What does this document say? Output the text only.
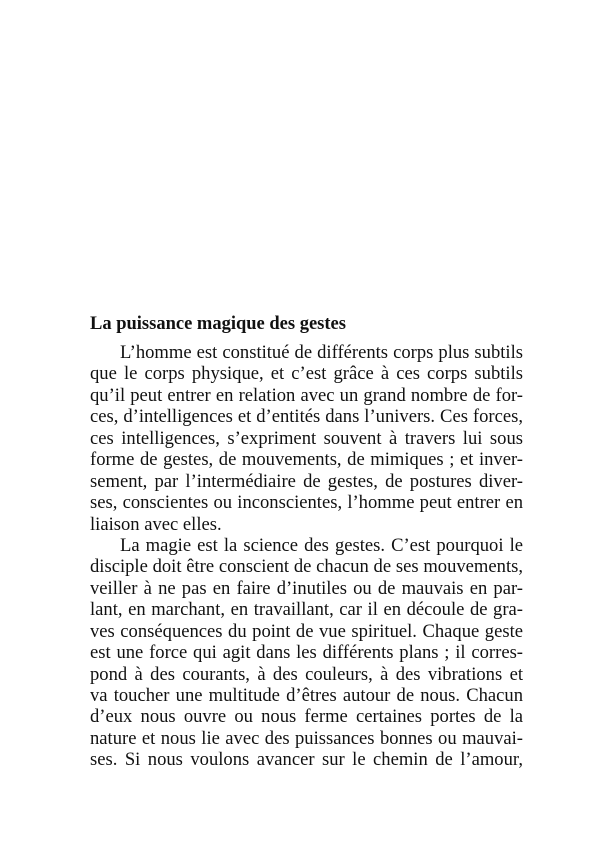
La puissance magique des gestes

L’homme est constitué de différents corps plus subtils
que le corps physique, et c’est grâce à ces corps subtils
qu’il peut entrer en relation avec un grand nombre de for-
ces, d’intelligences et d’entités dans l’univers. Ces forces,
ces intelligences, s’expriment souvent à travers lui sous
forme de gestes, de mouvements, de mimiques ; et inver-
sement, par l’intermédiaire de gestes, de postures diver-
ses, conscientes ou inconscientes, l’homme peut entrer en
liaison avec elles.

La magie est la science des gestes. C’est pourquoi le
disciple doit être conscient de chacun de ses mouvements,
veiller à ne pas en faire d’inutiles ou de mauvais en par-
lant, en marchant, en travaillant, car il en découle de gra-
ves conséquences du point de vue spirituel. Chaque geste
est une force qui agit dans les différents plans ; il corres-
pond à des courants, à des couleurs, à des vibrations et
va toucher une multitude d’êtres autour de nous. Chacun
d’eux nous ouvre ou nous ferme certaines portes de la
nature et nous lie avec des puissances bonnes ou mauvai-
ses. Si nous voulons avancer sur le chemin de l’amour,
